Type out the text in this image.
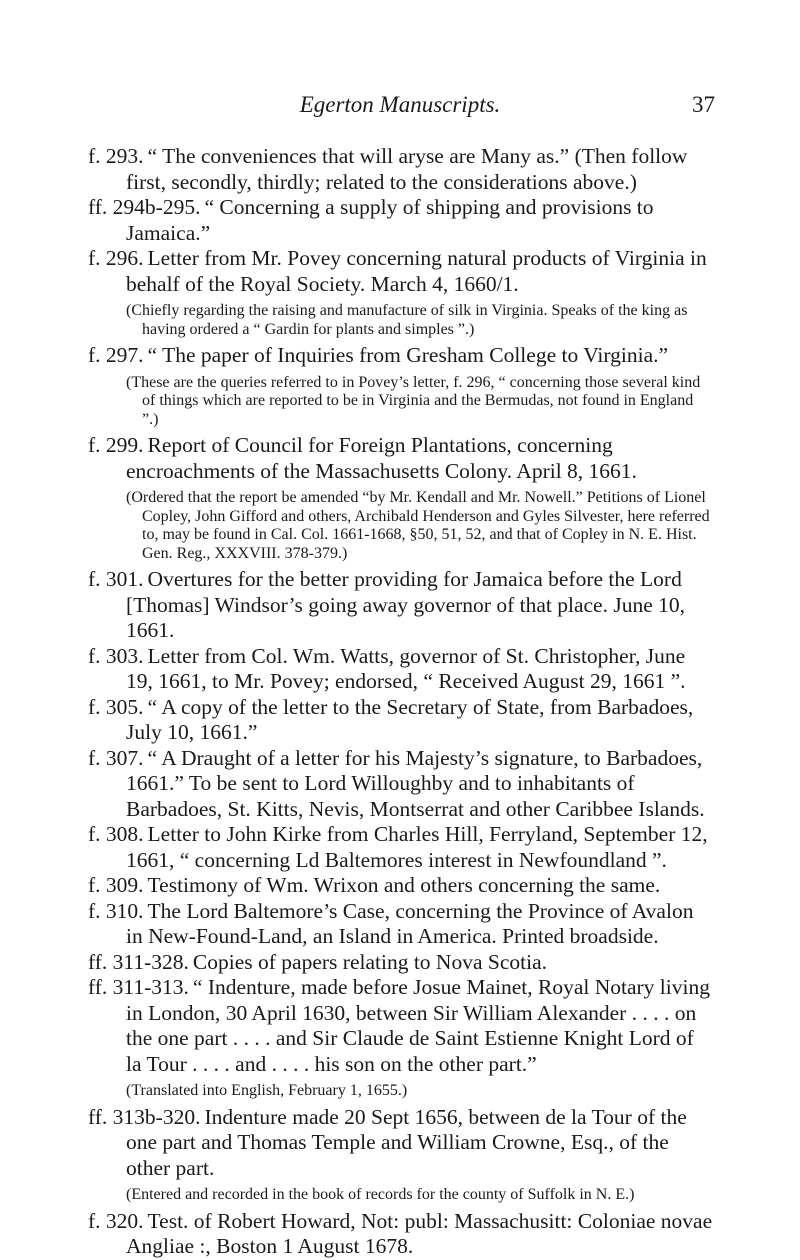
Egerton Manuscripts.	37

f. 293. “ The conveniences that will aryse are Many as.” (Then follow first, secondly, thirdly; related to the considerations above.)

ff. 294b-295. “ Concerning a supply of shipping and provisions to Jamaica.”

f. 296. Letter from Mr. Povey concerning natural products of Virginia in behalf of the Royal Society. March 4, 1660/1.

(Chiefly regarding the raising and manufacture of silk in Virginia. Speaks of the king as having ordered a “ Gardin for plants and simples ”.)

f. 297. “ The paper of Inquiries from Gresham College to Virginia.”

(These are the queries referred to in Povey’s letter, f. 296, “ concerning those several kind of things which are reported to be in Virginia and the Bermudas, not found in England ”.)

f. 299. Report of Council for Foreign Plantations, concerning encroachments of the Massachusetts Colony. April 8, 1661.

(Ordered that the report be amended “by Mr. Kendall and Mr. Nowell.” Petitions of Lionel Copley, John Gifford and others, Archibald Henderson and Gyles Silvester, here referred to, may be found in Cal. Col. 1661-1668, §50, 51, 52, and that of Copley in N. E. Hist. Gen. Reg., XXXVIII. 378-379.)

f. 301. Overtures for the better providing for Jamaica before the Lord [Thomas] Windsor’s going away governor of that place. June 10, 1661.

f. 303. Letter from Col. Wm. Watts, governor of St. Christopher, June 19, 1661, to Mr. Povey; endorsed, “ Received August 29, 1661 ”.

f. 305. “ A copy of the letter to the Secretary of State, from Barbadoes, July 10, 1661.”

f. 307. “ A Draught of a letter for his Majesty’s signature, to Barbadoes, 1661.” To be sent to Lord Willoughby and to inhabitants of Barbadoes, St. Kitts, Nevis, Montserrat and other Caribbee Islands.

f. 308. Letter to John Kirke from Charles Hill, Ferryland, September 12, 1661, “ concerning Ld Baltemores interest in Newfoundland ”.

f. 309. Testimony of Wm. Wrixon and others concerning the same.

f. 310. The Lord Baltemore’s Case, concerning the Province of Avalon in New-Found-Land, an Island in America. Printed broadside.

ff. 311-328. Copies of papers relating to Nova Scotia.

ff. 311-313. “ Indenture, made before Josue Mainet, Royal Notary living in London, 30 April 1630, between Sir William Alexander . . . . on the one part . . . . and Sir Claude de Saint Estienne Knight Lord of la Tour . . . . and . . . . his son on the other part.”

(Translated into English, February 1, 1655.)

ff. 313b-320. Indenture made 20 Sept 1656, between de la Tour of the one part and Thomas Temple and William Crowne, Esq., of the other part.

(Entered and recorded in the book of records for the county of Suffolk in N. E.)

f. 320. Test. of Robert Howard, Not: publ: Massachusitt: Coloniae novae Angliae :, Boston 1 August 1678.
